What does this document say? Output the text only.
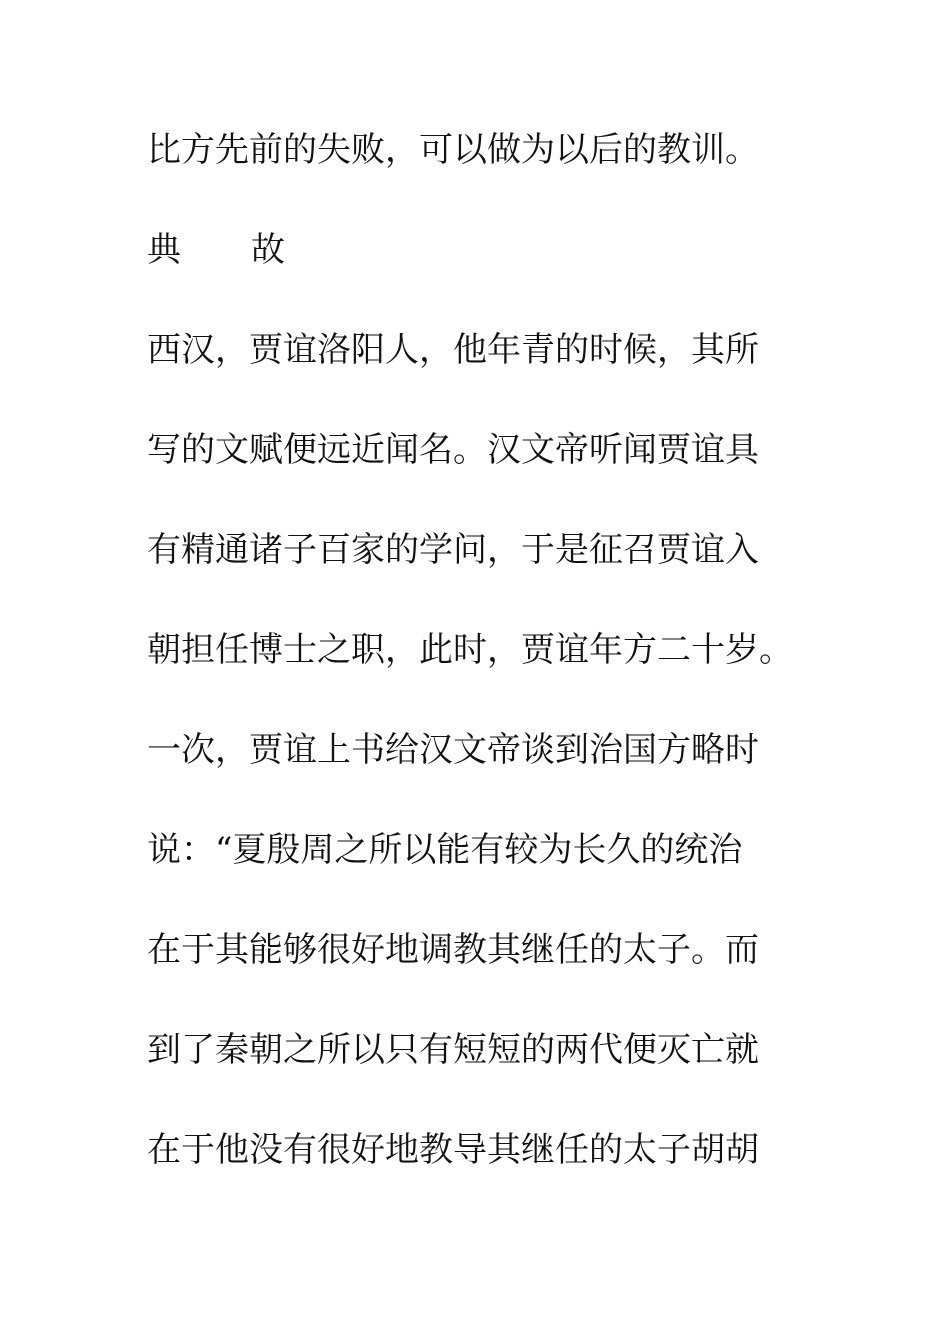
比方先前的失败，可以做为以后的教训。
典 故
西汉，贾谊洛阳人，他年青的时候，其所
写的文赋便远近闻名。汉文帝听闻贾谊具
有精通诸子百家的学问，于是征召贾谊入
朝担任博士之职，此时，贾谊年方二十岁。
一次，贾谊上书给汉文帝谈到治国方略时
说：“夏殷周之所以能有较为长久的统治
在于其能够很好地调教其继任的太子。而
到了秦朝之所以只有短短的两代便灭亡就
在于他没有很好地教导其继任的太子胡胡
